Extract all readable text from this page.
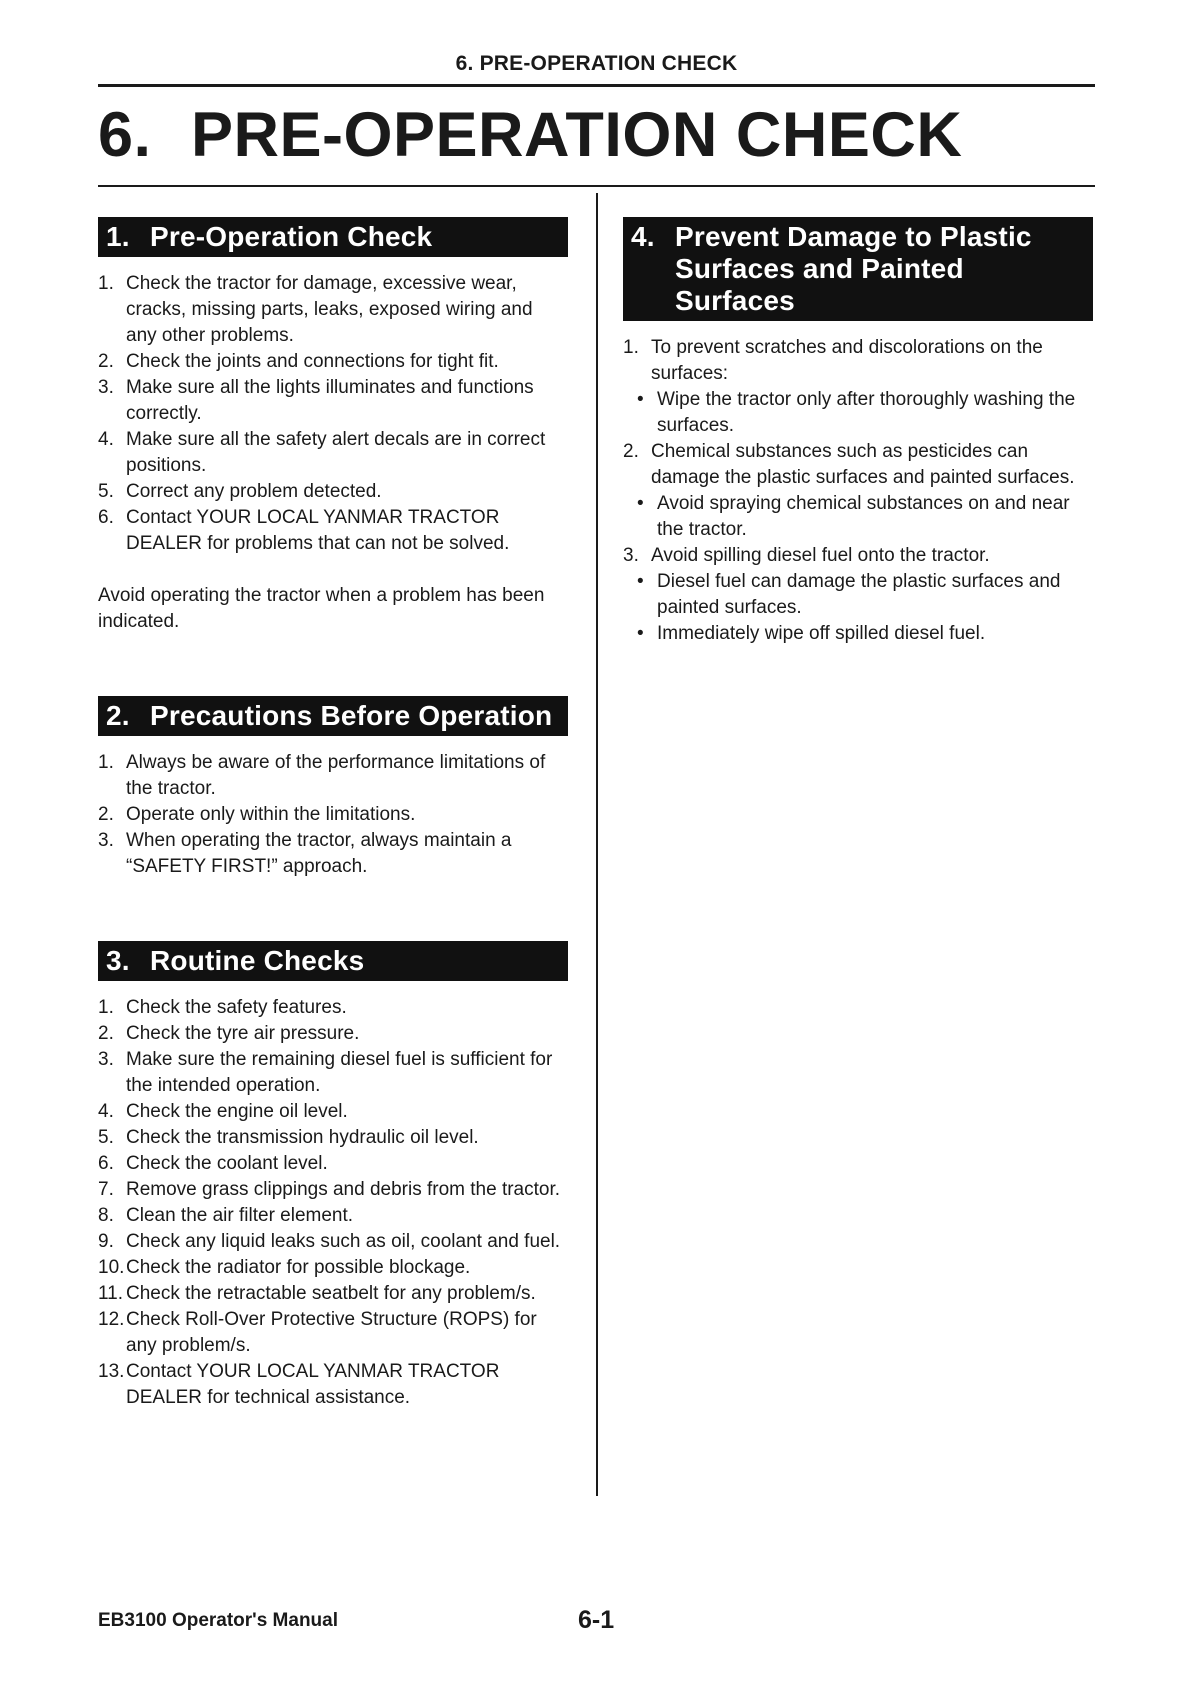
6. PRE-OPERATION CHECK
6. PRE-OPERATION CHECK
1. Pre-Operation Check
1. Check the tractor for damage, excessive wear, cracks, missing parts, leaks, exposed wiring and any other problems.
2. Check the joints and connections for tight fit.
3. Make sure all the lights illuminates and functions correctly.
4. Make sure all the safety alert decals are in correct positions.
5. Correct any problem detected.
6. Contact YOUR LOCAL YANMAR TRACTOR DEALER for problems that can not be solved.

Avoid operating the tractor when a problem has been indicated.

2. Precautions Before Operation
1. Always be aware of the performance limitations of the tractor.
2. Operate only within the limitations.
3. When operating the tractor, always maintain a “SAFETY FIRST!” approach.
3. Routine Checks
1. Check the safety features.
2. Check the tyre air pressure.
3. Make sure the remaining diesel fuel is sufficient for the intended operation.
4. Check the engine oil level.
5. Check the transmission hydraulic oil level.
6. Check the coolant level.
7. Remove grass clippings and debris from the tractor.
8. Clean the air filter element.
9. Check any liquid leaks such as oil, coolant and fuel.
10. Check the radiator for possible blockage.
11. Check the retractable seatbelt for any problem/s.
12. Check Roll-Over Protective Structure (ROPS) for any problem/s.
13. Contact YOUR LOCAL YANMAR TRACTOR DEALER for technical assistance.
4. Prevent Damage to Plastic Surfaces and Painted Surfaces
1. To prevent scratches and discolorations on the surfaces:
• Wipe the tractor only after thoroughly washing the surfaces.
2. Chemical substances such as pesticides can damage the plastic surfaces and painted surfaces.
• Avoid spraying chemical substances on and near the tractor.
3. Avoid spilling diesel fuel onto the tractor.
• Diesel fuel can damage the plastic surfaces and painted surfaces.
• Immediately wipe off spilled diesel fuel.
EB3100 Operator's Manual	6-1
